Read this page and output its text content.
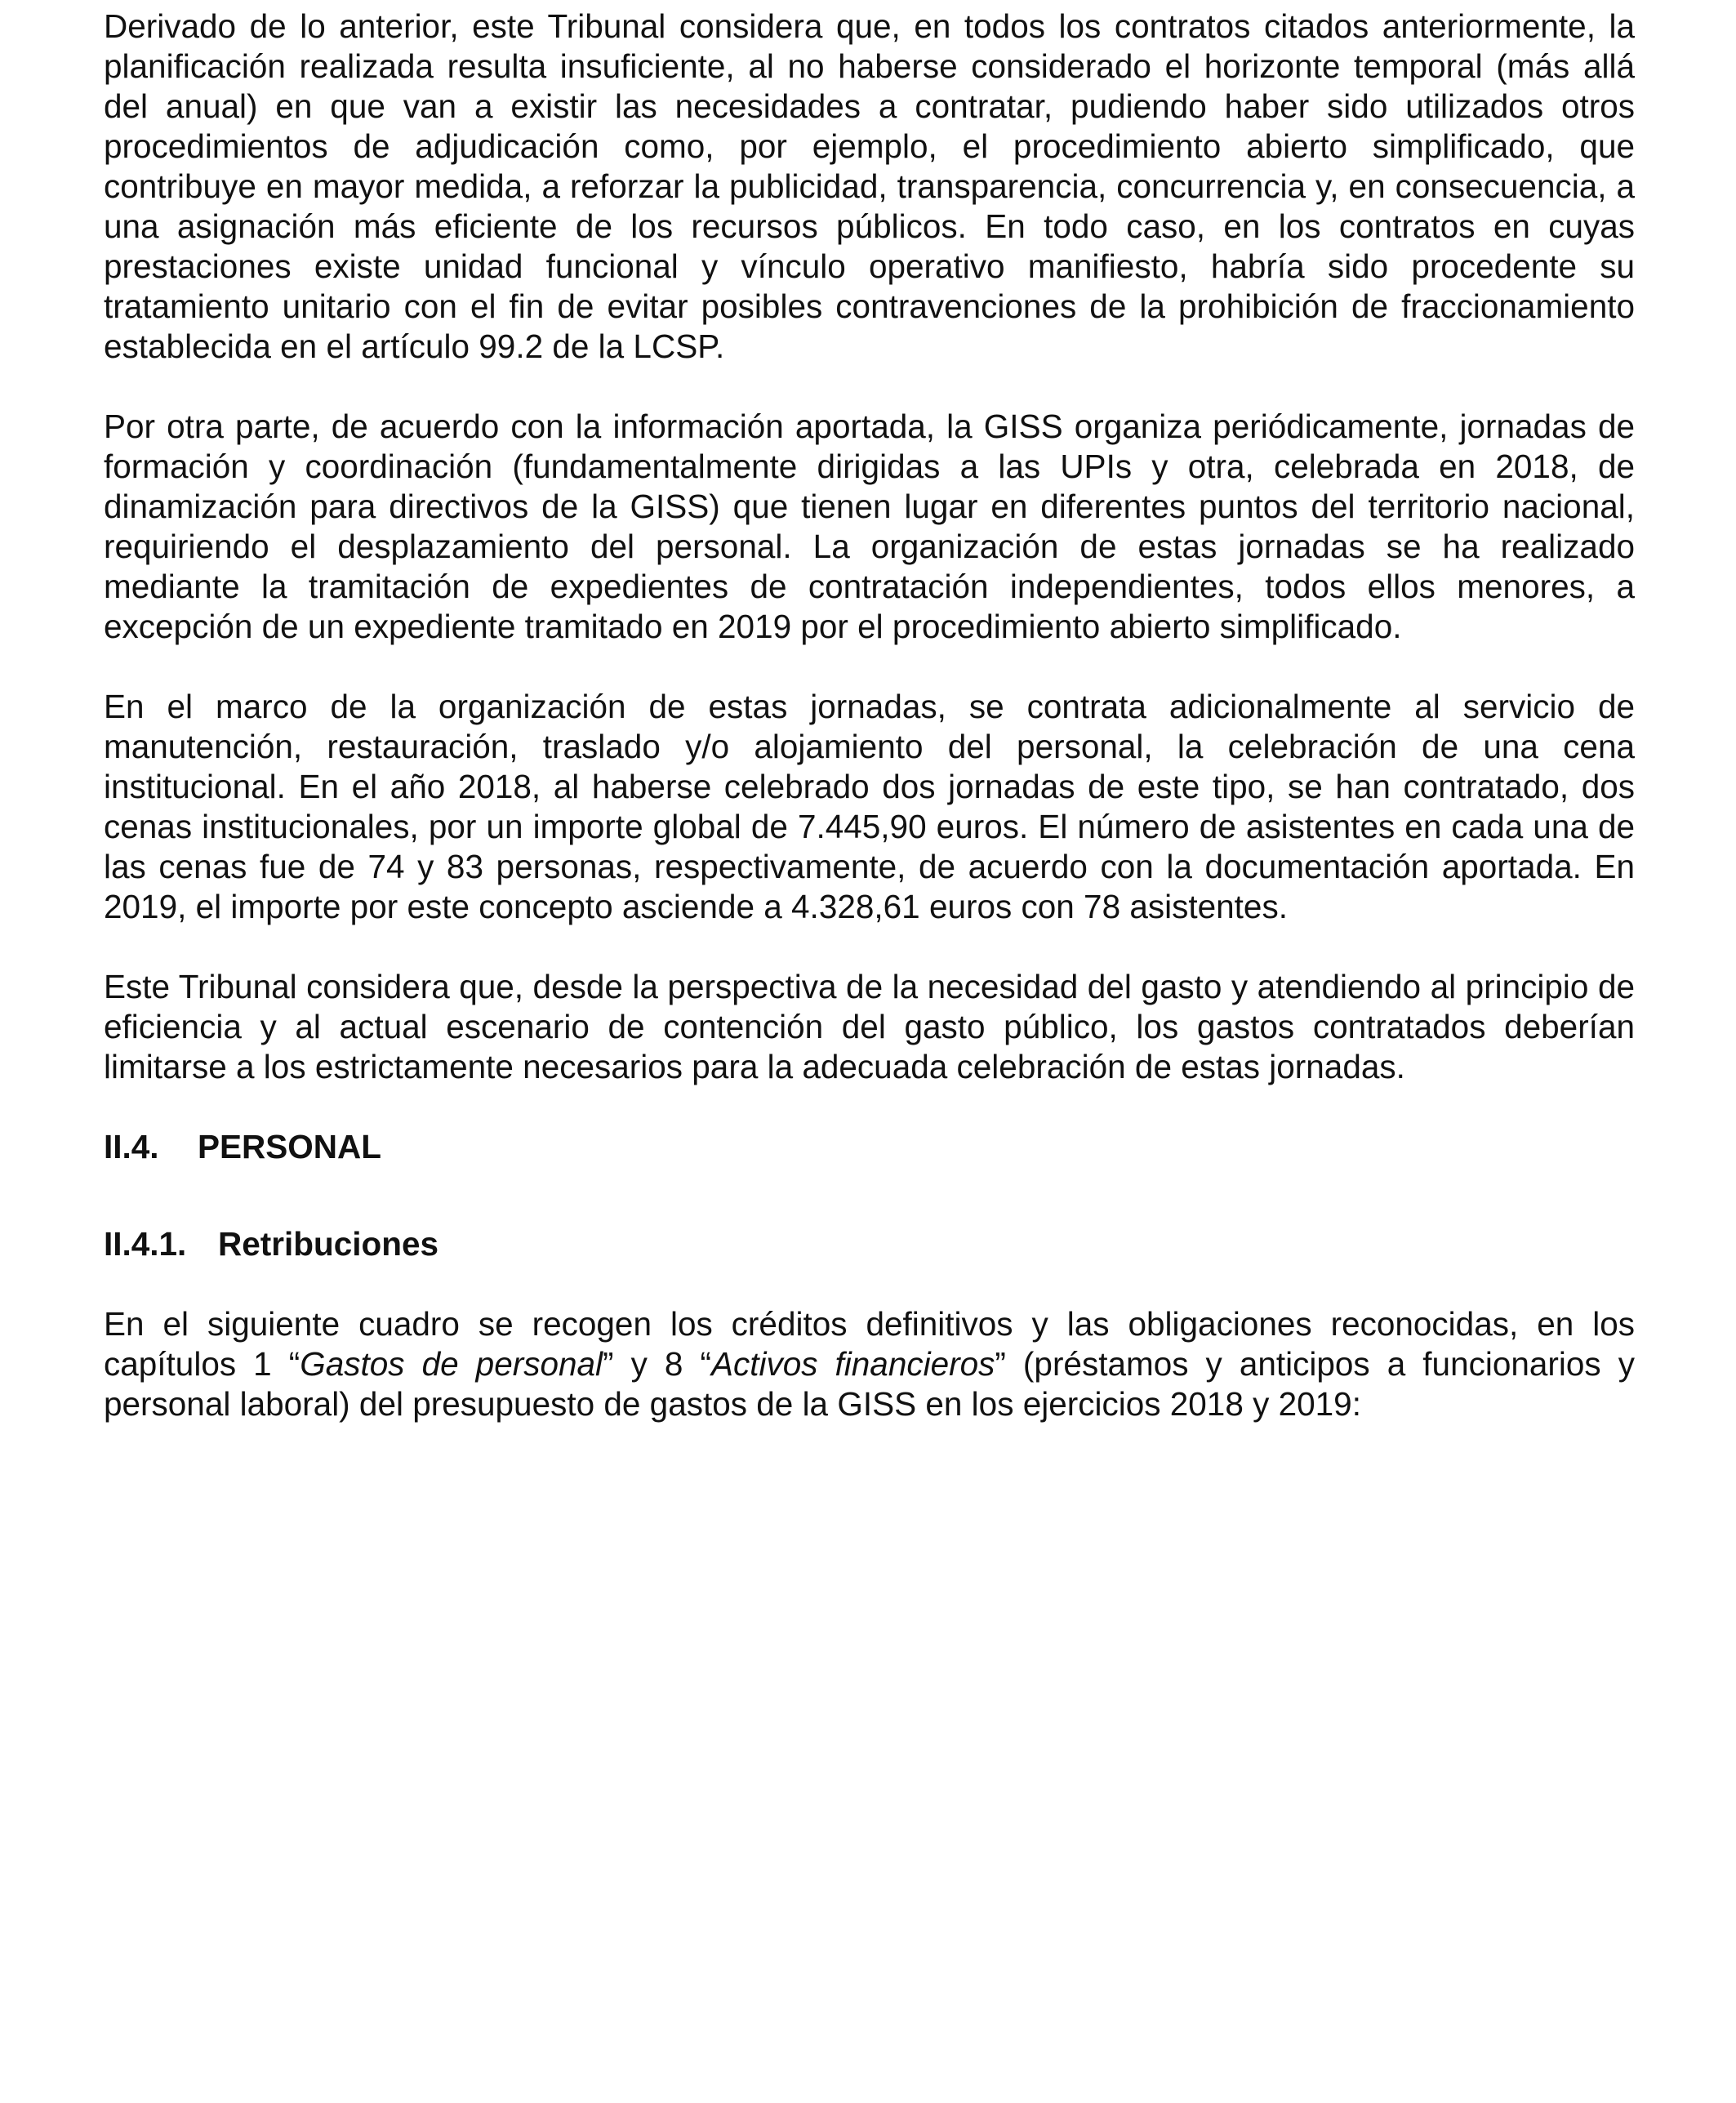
Derivado de lo anterior, este Tribunal considera que, en todos los contratos citados anteriormente, la planificación realizada resulta insuficiente, al no haberse considerado el horizonte temporal (más allá del anual) en que van a existir las necesidades a contratar, pudiendo haber sido utilizados otros procedimientos de adjudicación como, por ejemplo, el procedimiento abierto simplificado, que contribuye en mayor medida, a reforzar la publicidad, transparencia, concurrencia y, en consecuencia, a una asignación más eficiente de los recursos públicos. En todo caso, en los contratos en cuyas prestaciones existe unidad funcional y vínculo operativo manifiesto, habría sido procedente su tratamiento unitario con el fin de evitar posibles contravenciones de la prohibición de fraccionamiento establecida en el artículo 99.2 de la LCSP.

Por otra parte, de acuerdo con la información aportada, la GISS organiza periódicamente, jornadas de formación y coordinación (fundamentalmente dirigidas a las UPIs y otra, celebrada en 2018, de dinamización para directivos de la GISS) que tienen lugar en diferentes puntos del territorio nacional, requiriendo el desplazamiento del personal. La organización de estas jornadas se ha realizado mediante la tramitación de expedientes de contratación independientes, todos ellos menores, a excepción de un expediente tramitado en 2019 por el procedimiento abierto simplificado.

En el marco de la organización de estas jornadas, se contrata adicionalmente al servicio de manutención, restauración, traslado y/o alojamiento del personal, la celebración de una cena institucional. En el año 2018, al haberse celebrado dos jornadas de este tipo, se han contratado, dos cenas institucionales, por un importe global de 7.445,90 euros. El número de asistentes en cada una de las cenas fue de 74 y 83 personas, respectivamente, de acuerdo con la documentación aportada. En 2019, el importe por este concepto asciende a 4.328,61 euros con 78 asistentes.

Este Tribunal considera que, desde la perspectiva de la necesidad del gasto y atendiendo al principio de eficiencia y al actual escenario de contención del gasto público, los gastos contratados deberían limitarse a los estrictamente necesarios para la adecuada celebración de estas jornadas.

II.4. PERSONAL
II.4.1. Retribuciones

En el siguiente cuadro se recogen los créditos definitivos y las obligaciones reconocidas, en los capítulos 1 “Gastos de personal” y 8 “Activos financieros” (préstamos y anticipos a funcionarios y personal laboral) del presupuesto de gastos de la GISS en los ejercicios 2018 y 2019:
